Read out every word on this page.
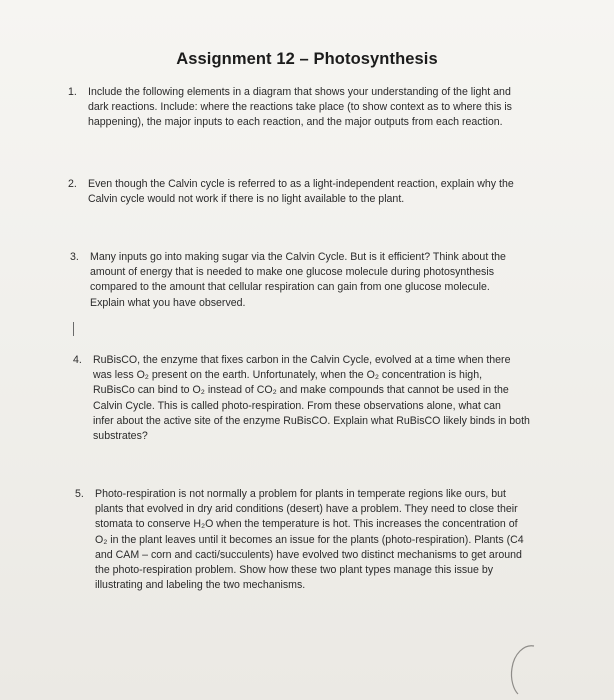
Assignment 12 – Photosynthesis
1.	Include the following elements in a diagram that shows your understanding of the light and
dark reactions. Include: where the reactions take place (to show context as to where this is
happening), the major inputs to each reaction, and the major outputs from each reaction.
2.	Even though the Calvin cycle is referred to as a light-independent reaction, explain why the
Calvin cycle would not work if there is no light available to the plant.
3.	Many inputs go into making sugar via the Calvin Cycle. But is it efficient? Think about the
amount of energy that is needed to make one glucose molecule during photosynthesis
compared to the amount that cellular respiration can gain from one glucose molecule.
Explain what you have observed.
4.	RuBisCO, the enzyme that fixes carbon in the Calvin Cycle, evolved at a time when there
was less O₂ present on the earth. Unfortunately, when the O₂ concentration is high,
RuBisCo can bind to O₂ instead of CO₂ and make compounds that cannot be used in the
Calvin Cycle. This is called photo-respiration. From these observations alone, what can
infer about the active site of the enzyme RuBisCO. Explain what RuBisCO likely binds in both
substrates?
5.	Photo-respiration is not normally a problem for plants in temperate regions like ours, but
plants that evolved in dry arid conditions (desert) have a problem. They need to close their
stomata to conserve H₂O when the temperature is hot. This increases the concentration of
O₂ in the plant leaves until it becomes an issue for the plants (photo-respiration). Plants (C4
and CAM – corn and cacti/succulents) have evolved two distinct mechanisms to get around
the photo-respiration problem. Show how these two plant types manage this issue by
illustrating and labeling the two mechanisms.
